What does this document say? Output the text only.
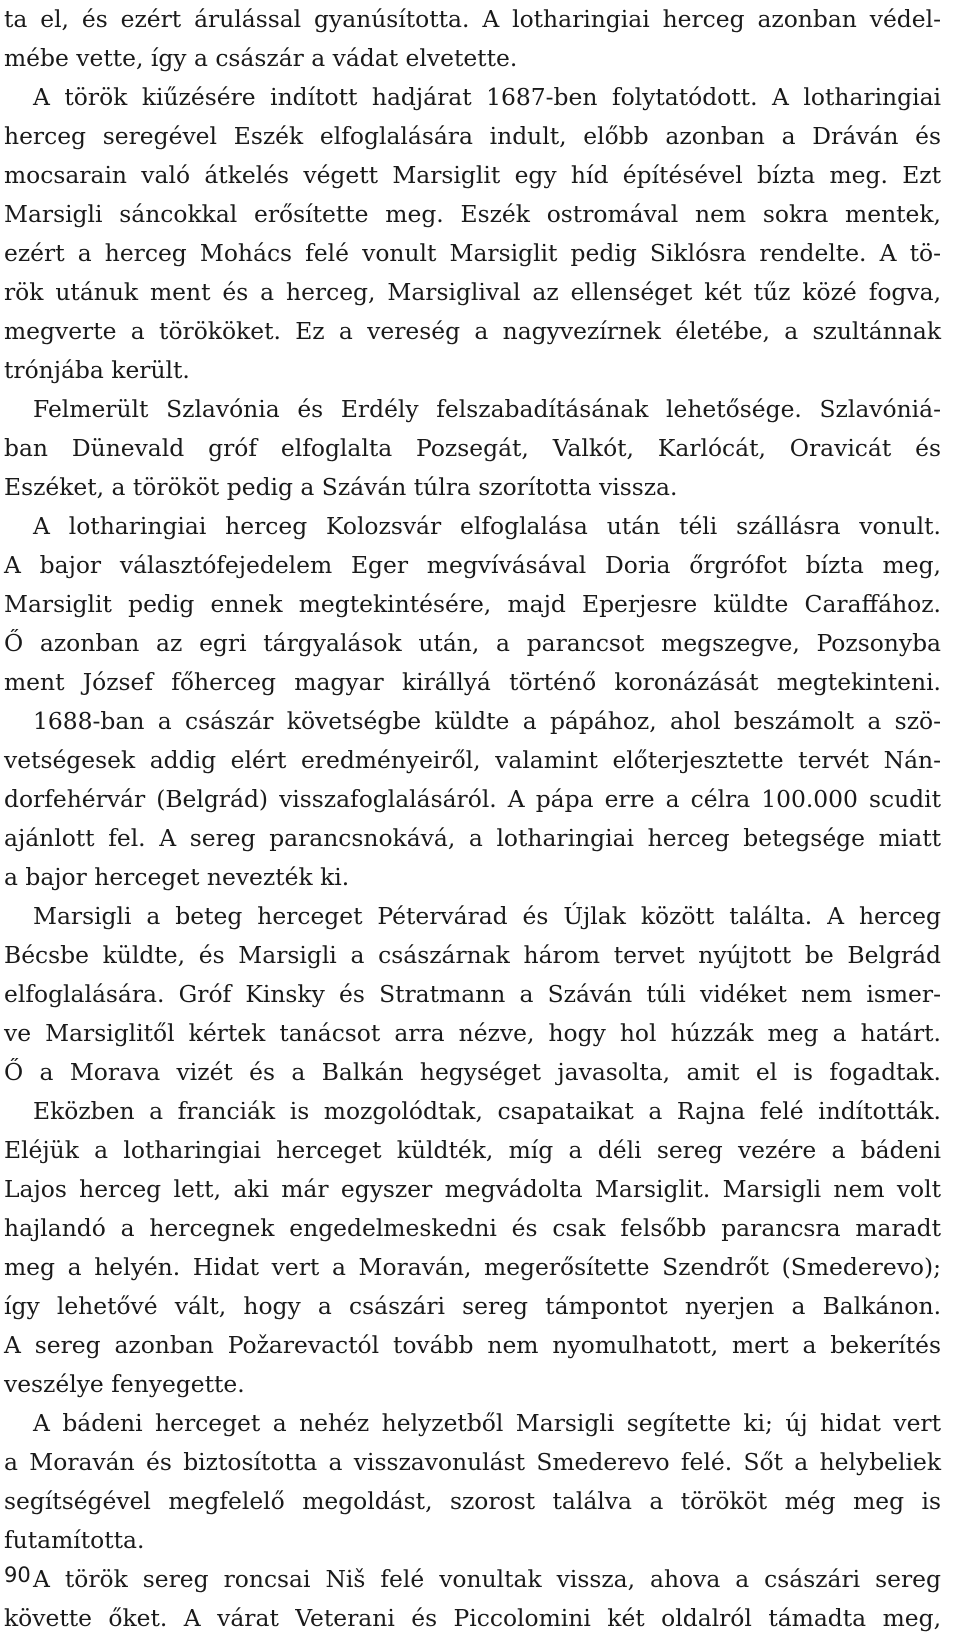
ta el, és ezért árulással gyanúsította. A lotharingiai herceg azonban védel-
mébe vette, így a császár a vádat elvetette.
A török kiűzésére indított hadjárat 1687-ben folytatódott. A lotharingiai
herceg seregével Eszék elfoglalására indult, előbb azonban a Dráván és
mocsarain való átkelés végett Marsiglit egy híd építésével bízta meg. Ezt
Marsigli sáncokkal erősítette meg. Eszék ostromával nem sokra mentek,
ezért a herceg Mohács felé vonult Marsiglit pedig Siklósra rendelte. A tö-
rök utánuk ment és a herceg, Marsiglival az ellenséget két tűz közé fogva,
megverte a törököket. Ez a vereség a nagyvezírnek életébe, a szultánnak
trónjába került.
Felmerült Szlavónia és Erdély felszabadításának lehetősége. Szlavóniá-
ban Dünevald gróf elfoglalta Pozsegát, Valkót, Karlócát, Oravicát és
Eszéket, a törököt pedig a Száván túlra szorította vissza.
A lotharingiai herceg Kolozsvár elfoglalása után téli szállásra vonult.
A bajor választófejedelem Eger megvívásával Doria őrgrófot bízta meg,
Marsiglit pedig ennek megtekintésére, majd Eperjesre küldte Caraffához.
Ő azonban az egri tárgyalások után, a parancsot megszegve, Pozsonyba
ment József főherceg magyar királlyá történő koronázását megtekinteni.
1688-ban a császár követségbe küldte a pápához, ahol beszámolt a szö-
vetségesek addig elért eredményeiről, valamint előterjesztette tervét Nán-
dorfehérvár (Belgrád) visszafoglalásáról. A pápa erre a célra 100.000 scudit
ajánlott fel. A sereg parancsnokává, a lotharingiai herceg betegsége miatt
a bajor herceget nevezték ki.
Marsigli a beteg herceget Pétervárad és Újlak között találta. A herceg
Bécsbe küldte, és Marsigli a császárnak három tervet nyújtott be Belgrád
elfoglalására. Gróf Kinsky és Stratmann a Száván túli vidéket nem ismer-
ve Marsiglitől kértek tanácsot arra nézve, hogy hol húzzák meg a határt.
Ő a Morava vizét és a Balkán hegységet javasolta, amit el is fogadtak.
Eközben a franciák is mozgolódtak, csapataikat a Rajna felé indították.
Eléjük a lotharingiai herceget küldték, míg a déli sereg vezére a bádeni
Lajos herceg lett, aki már egyszer megvádolta Marsiglit. Marsigli nem volt
hajlandó a hercegnek engedelmeskedni és csak felsőbb parancsra maradt
meg a helyén. Hidat vert a Moraván, megerősítette Szendrőt (Smederevo);
így lehetővé vált, hogy a császári sereg támpontot nyerjen a Balkánon.
A sereg azonban Požarevactól tovább nem nyomulhatott, mert a bekerítés
veszélye fenyegette.
A bádeni herceget a nehéz helyzetből Marsigli segítette ki; új hidat vert
a Moraván és biztosította a visszavonulást Smederevo felé. Sőt a helybeliek
segítségével megfelelő megoldást, szorost találva a törököt még meg is
futamította.
A török sereg roncsai Niš felé vonultak vissza, ahova a császári sereg
követte őket. A várat Veterani és Piccolomini két oldalról támadta meg,
90
